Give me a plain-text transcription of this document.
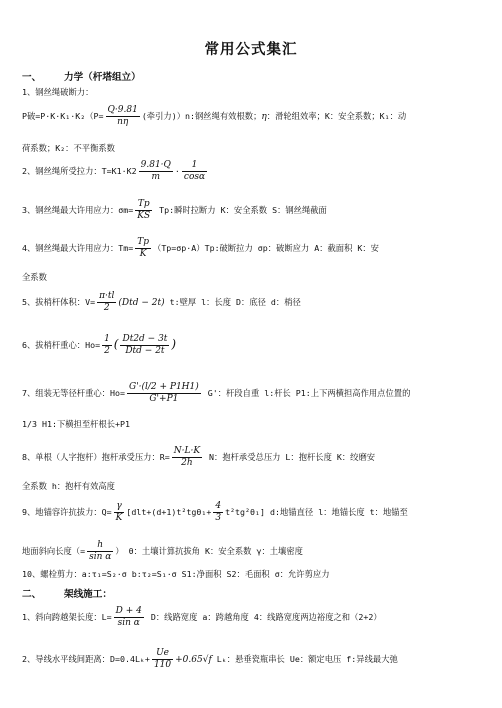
常用公式集汇
一、 力学（杆塔组立）
1、钢丝绳破断力：
P破$=P\cdot K\cdot K_1\cdot K_2(P= \frac{Q\cdot 9.81}{n\eta}$ (牵引力)）n:钢丝绳有效根数；η：滑轮组效率；K：安全系数；K₁：动
荷系数；K₂：不平衡系数
2、钢丝绳所受拉力：$T=K1\cdot K2 \frac{9.81\cdot Q}{m} \cdot \frac{1}{\cos\alpha}$
3、钢丝绳最大许用应力：$\sigma m= \frac{Tp}{KS} Tp$:瞬时拉断力 K：安全系数 S：钢丝绳截面
4、钢丝绳最大许用应力：$Tm= \frac{Tp}{K} (Tp=\sigma p\cdot A)Tp$:破断拉力 σp：破断应力 A：截面积 K：安
全系数
5、拔梢杆体积：$V= \frac{\pi\cdot tl}{2} (Dtd - 2t)$ t:壁厚 l：长度 D：底径 d：梢径
6、拔梢杆重心：$Ho= \frac{1}{2}$ ( Dt2d − 3t
Dtd − 2t )
7、组装无等径杆重心：$Ho= \frac{G'\cdot(l/2 + P1H1)}{G'+P1} G'$：杆段自重 l:杆长 P1:上下两横担高作用点位置的
1/3 H1:下横担至杆根长+P1
8、单根（人字抱杆）抱杆承受压力：$R= \frac{N\cdot L\cdot K}{2h}$ N：抱杆承受总压力 L：抱杆长度 K：绞磨安
全系数 h：抱杆有效高度
9、地锚容许抗拔力：$Q= \frac{\gamma}{K} [dlt+(d+1)t^2tg\theta_1+ \frac{4}{3} t^2tg^2\theta_1]$ d:地锚直径 l：地锚长度 t：地锚至
地面斜向长度（= $\frac{h}{\text{sin α}}$ ） θ：土壤计算抗拔角 K：安全系数 γ：土壤密度
10、螺栓剪力：a:τ₁=S₂·σ b:τ₂=S₁·σ S1:净面积 S2：毛面积 σ：允许剪应力
二、 架线施工：
1、斜向跨越架长度：$L= \frac{D + 4}{\text{sin α}}$ D：线路宽度 a：跨越角度 4：线路宽度两边裕度之和（2+2）
2、导线水平线间距离：$D=0.4L_k+ \frac{Ue}{110} +0.65√f$ Lₖ：悬垂瓷瓶串长 Ue：额定电压 f:异线最大弛
